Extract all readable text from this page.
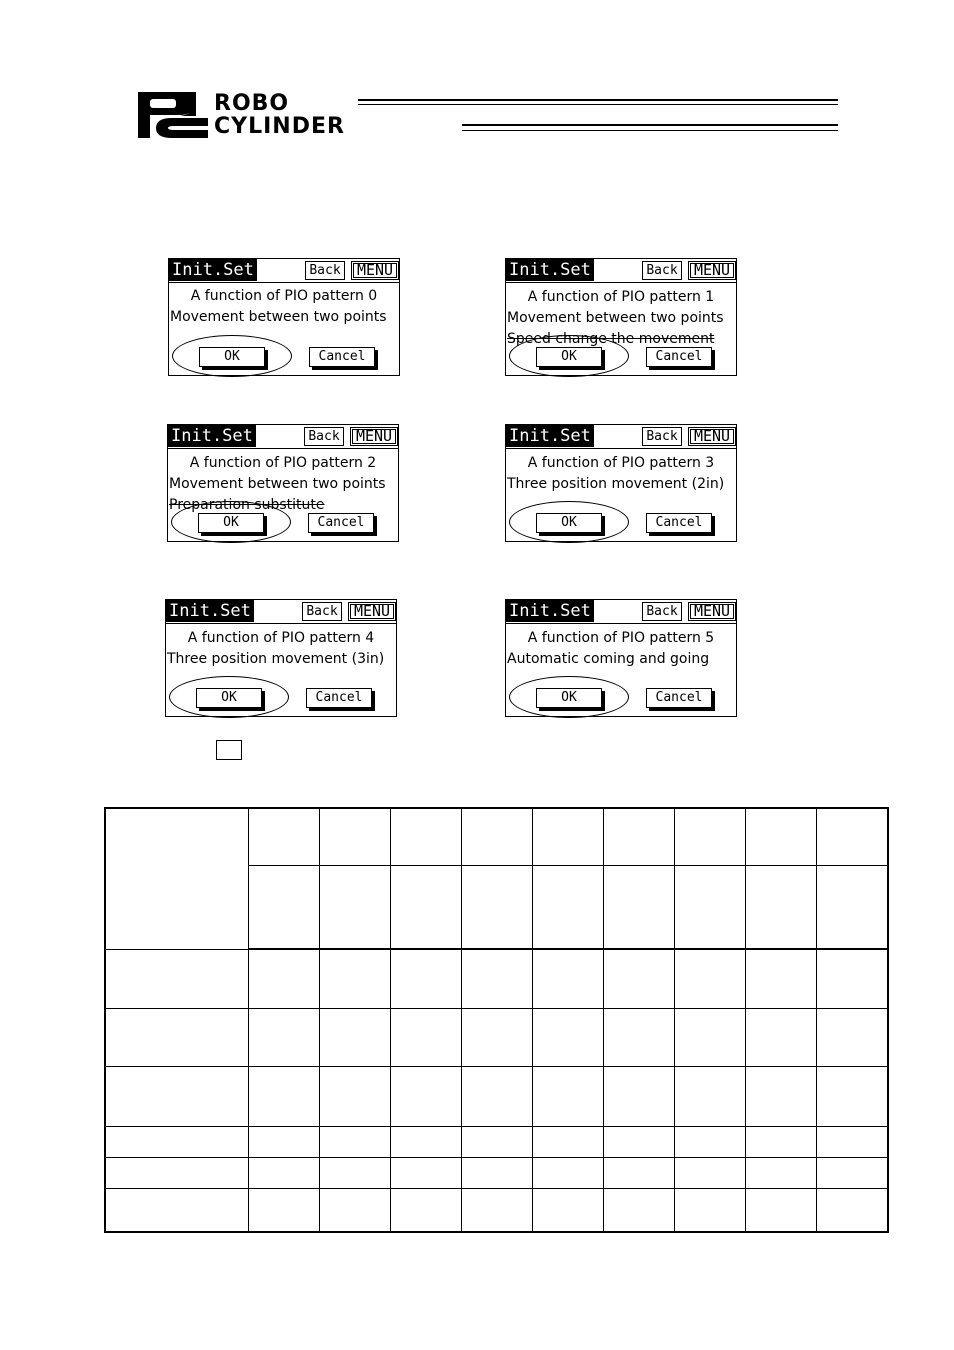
ROBO
CYLINDER
Init.Set	Back	MENU
A function of PIO pattern 0
Movement between two points
OK	Cancel
Init.Set	Back	MENU
A function of PIO pattern 1
Movement between two points
Speed change the movement
OK	Cancel
Init.Set	Back	MENU
A function of PIO pattern 2
Movement between two points
Preparation substitute
OK	Cancel
Init.Set	Back	MENU
A function of PIO pattern 3
Three position movement (2in)
OK	Cancel
Init.Set	Back	MENU
A function of PIO pattern 4
Three position movement (3in)
OK	Cancel
Init.Set	Back	MENU
A function of PIO pattern 5
Automatic coming and going
OK	Cancel
